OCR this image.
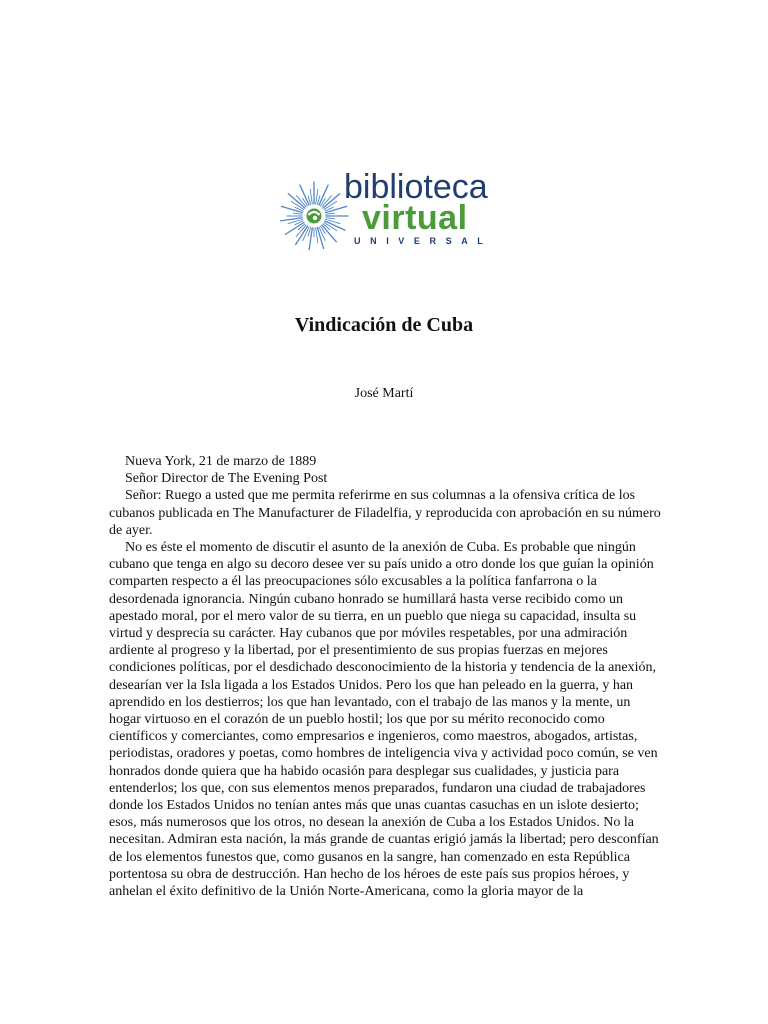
biblioteca
virtual
UNIVERSAL
Vindicación de Cuba
José Martí

Nueva York, 21 de marzo de 1889

Señor Director de The Evening Post

Señor: Ruego a usted que me permita referirme en sus columnas a la ofensiva crítica de los cubanos publicada en The Manufacturer de Filadelfia, y reproducida con aprobación en su número de ayer.

No es éste el momento de discutir el asunto de la anexión de Cuba. Es probable que ningún cubano que tenga en algo su decoro desee ver su país unido a otro donde los que guían la opinión comparten respecto a él las preocupaciones sólo excusables a la política fanfarrona o la desordenada ignorancia. Ningún cubano honrado se humillará hasta verse recibido como un apestado moral, por el mero valor de su tierra, en un pueblo que niega su capacidad, insulta su virtud y desprecia su carácter. Hay cubanos que por móviles respetables, por una admiración ardiente al progreso y la libertad, por el presentimiento de sus propias fuerzas en mejores condiciones políticas, por el desdichado desconocimiento de la historia y tendencia de la anexión, desearían ver la Isla ligada a los Estados Unidos. Pero los que han peleado en la guerra, y han aprendido en los destierros; los que han levantado, con el trabajo de las manos y la mente, un hogar virtuoso en el corazón de un pueblo hostil; los que por su mérito reconocido como científicos y comerciantes, como empresarios e ingenieros, como maestros, abogados, artistas, periodistas, oradores y poetas, como hombres de inteligencia viva y actividad poco común, se ven honrados donde quiera que ha habido ocasión para desplegar sus cualidades, y justicia para entenderlos; los que, con sus elementos menos preparados, fundaron una ciudad de trabajadores donde los Estados Unidos no tenían antes más que unas cuantas casuchas en un islote desierto; esos, más numerosos que los otros, no desean la anexión de Cuba a los Estados Unidos. No la necesitan. Admiran esta nación, la más grande de cuantas erigió jamás la libertad; pero desconfían de los elementos funestos que, como gusanos en la sangre, han comenzado en esta República portentosa su obra de destrucción. Han hecho de los héroes de este país sus propios héroes, y anhelan el éxito definitivo de la Unión Norte-Americana, como la gloria mayor de la
